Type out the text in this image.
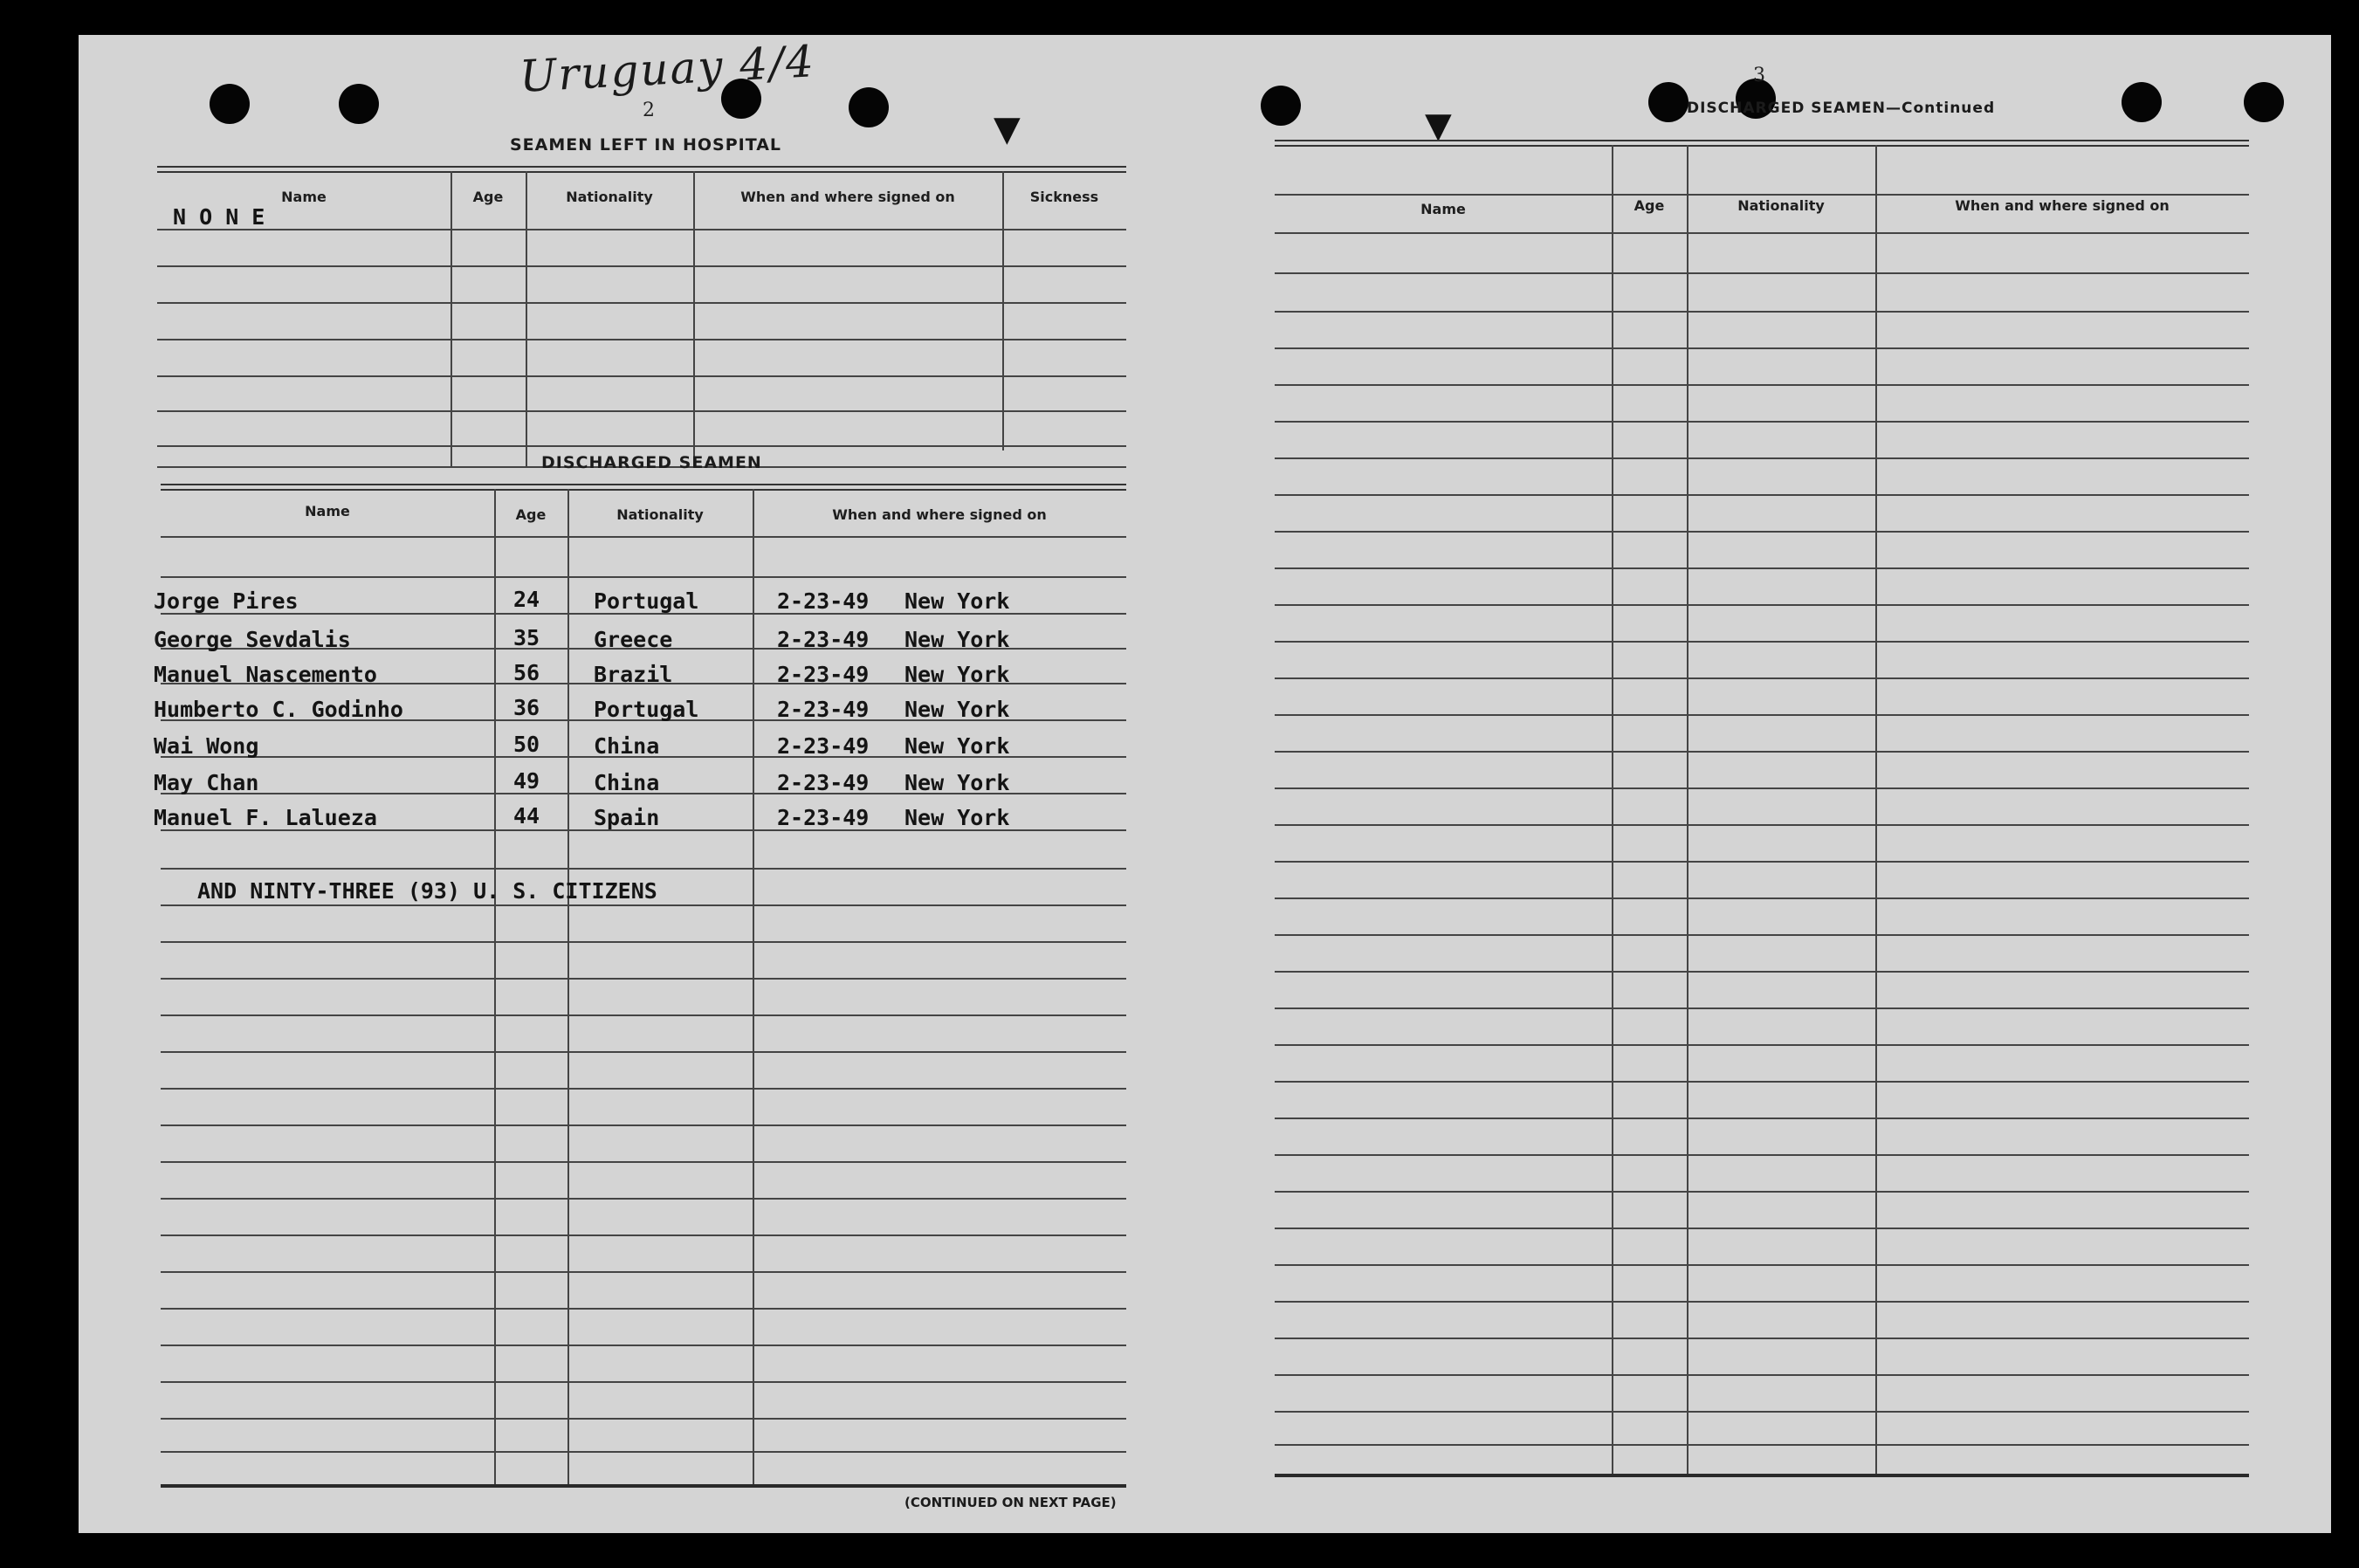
▼
Uruguay 4/4
2
SEAMEN LEFT IN HOSPITAL
Name	Age	Nationality	When and where signed on	Sickness
N O N E
DISCHARGED SEAMEN
Name	Age	Nationality	When and where signed on
Jorge Pires	24 Portugal	2-23-49 New York
George Sevdalis	35 Greece	2-23-49 New York
Manuel Nascemento	56 Brazil	2-23-49 New York
Humberto C. Godinho	36 Portugal	2-23-49 New York
Wai Wong	50 China	2-23-49 New York
May Chan	49 China	2-23-49 New York
Manuel F. Lalueza	44 Spain	2-23-49 New York
AND NINTY-THREE (93) U. S. CITIZENS
(CONTINUED ON NEXT PAGE)
▼
3
DISCHARGED SEAMEN—Continued
Name	Age	Nationality	When and where signed on
